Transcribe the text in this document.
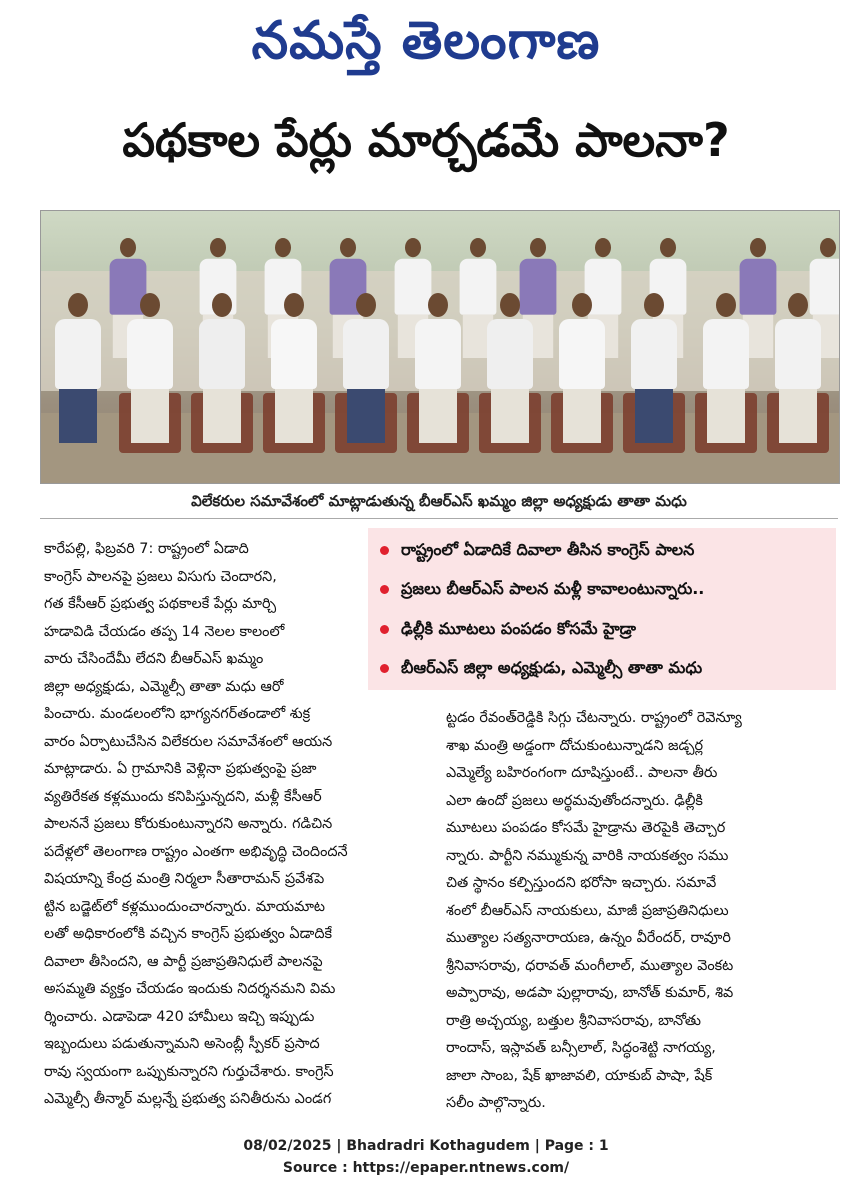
నమస్తే తెలంగాణ
పథకాల పేర్లు మార్చడమే పాలనా?
విలేకరుల సమావేశంలో మాట్లాడుతున్న బీఆర్ఎస్ ఖమ్మం జిల్లా అధ్యక్షుడు తాతా మధు
రాష్ట్రంలో ఏడాదికే దివాలా తీసిన కాంగ్రెస్ పాలన
ప్రజలు బీఆర్ఎస్ పాలన మళ్లీ కావాలంటున్నారు..
ఢిల్లీకి మూటలు పంపడం కోసమే హైడ్రా
బీఆర్ఎస్ జిల్లా అధ్యక్షుడు, ఎమ్మెల్సీ తాతా మధు
కారేపల్లి, ఫిబ్రవరి 7: రాష్ట్రంలో ఏడాది
కాంగ్రెస్ పాలనపై ప్రజలు విసుగు చెందారని,
గత కేసీఆర్ ప్రభుత్వ పథకాలకే పేర్లు మార్చి
హడావిడి చేయడం తప్ప 14 నెలల కాలంలో
వారు చేసిందేమీ లేదని బీఆర్ఎస్ ఖమ్మం
జిల్లా అధ్యక్షుడు, ఎమ్మెల్సీ తాతా మధు ఆరో
పించారు. మండలంలోని భాగ్యనగర్‌తండాలో శుక్ర
వారం ఏర్పాటుచేసిన విలేకరుల సమావేశంలో ఆయన
మాట్లాడారు. ఏ గ్రామానికి వెళ్లినా ప్రభుత్వంపై ప్రజా
వ్యతిరేకత కళ్లముందు కనిపిస్తున్నదని, మళ్లీ కేసీఆర్
పాలననే ప్రజలు కోరుకుంటున్నారని అన్నారు. గడిచిన
పదేళ్లలో తెలంగాణ రాష్ట్రం ఎంతగా అభివృద్ధి చెందిందనే
విషయాన్ని కేంద్ర మంత్రి నిర్మలా సీతారామన్ ప్రవేశపె
ట్టిన బడ్జెట్‌లో కళ్లముందుంచారన్నారు. మాయమాట
లతో అధికారంలోకి వచ్చిన కాంగ్రెస్ ప్రభుత్వం ఏడాదికే
దివాలా తీసిందని, ఆ పార్టీ ప్రజాప్రతినిధులే పాలనపై
అసమ్మతి వ్యక్తం చేయడం ఇందుకు నిదర్శనమని విమ
ర్శించారు. ఎడాపెడా 420 హామీలు ఇచ్చి ఇప్పుడు
ఇబ్బందులు పడుతున్నామని అసెంబ్లీ స్పీకర్ ప్రసాద
రావు స్వయంగా ఒప్పుకున్నారని గుర్తుచేశారు. కాంగ్రెస్
ఎమ్మెల్సీ తీన్మార్ మల్లన్నే ప్రభుత్వ పనితీరును ఎండగ
ట్టడం రేవంత్‌రెడ్డికి సిగ్గు చేటన్నారు. రాష్ట్రంలో రెవెన్యూ
శాఖ మంత్రి అడ్డంగా దోచుకుంటున్నాడని జడ్చర్ల
ఎమ్మెల్యే బహిరంగంగా దూషిస్తుంటే.. పాలనా తీరు
ఎలా ఉందో ప్రజలు అర్థమవుతోందన్నారు. ఢిల్లీకి
మూటలు పంపడం కోసమే హైడ్రాను తెరపైకి తెచ్చార
న్నారు. పార్టీని నమ్ముకున్న వారికి నాయకత్వం సము
చిత స్థానం కల్పిస్తుందని భరోసా ఇచ్చారు. సమావే
శంలో బీఆర్ఎస్ నాయకులు, మాజీ ప్రజాప్రతినిధులు
ముత్యాల సత్యనారాయణ, ఉన్నం వీరేందర్, రావూరి
శ్రీనివాసరావు, ధరావత్ మంగీలాల్, ముత్యాల వెంకట
అప్పారావు, అడపా పుల్లారావు, బానోత్ కుమార్, శివ
రాత్రి అచ్చయ్య, బత్తుల శ్రీనివాసరావు, బానోతు
రాందాస్, ఇస్లావత్ బన్సీలాల్, సిద్ధంశెట్టి నాగయ్య,
జాలా సాంబ, షేక్ ఖాజావలి, యాకుబ్ పాషా, షేక్
సలీం పాల్గొన్నారు.
08/02/2025 | Bhadradri Kothagudem | Page : 1
Source : https://epaper.ntnews.com/
